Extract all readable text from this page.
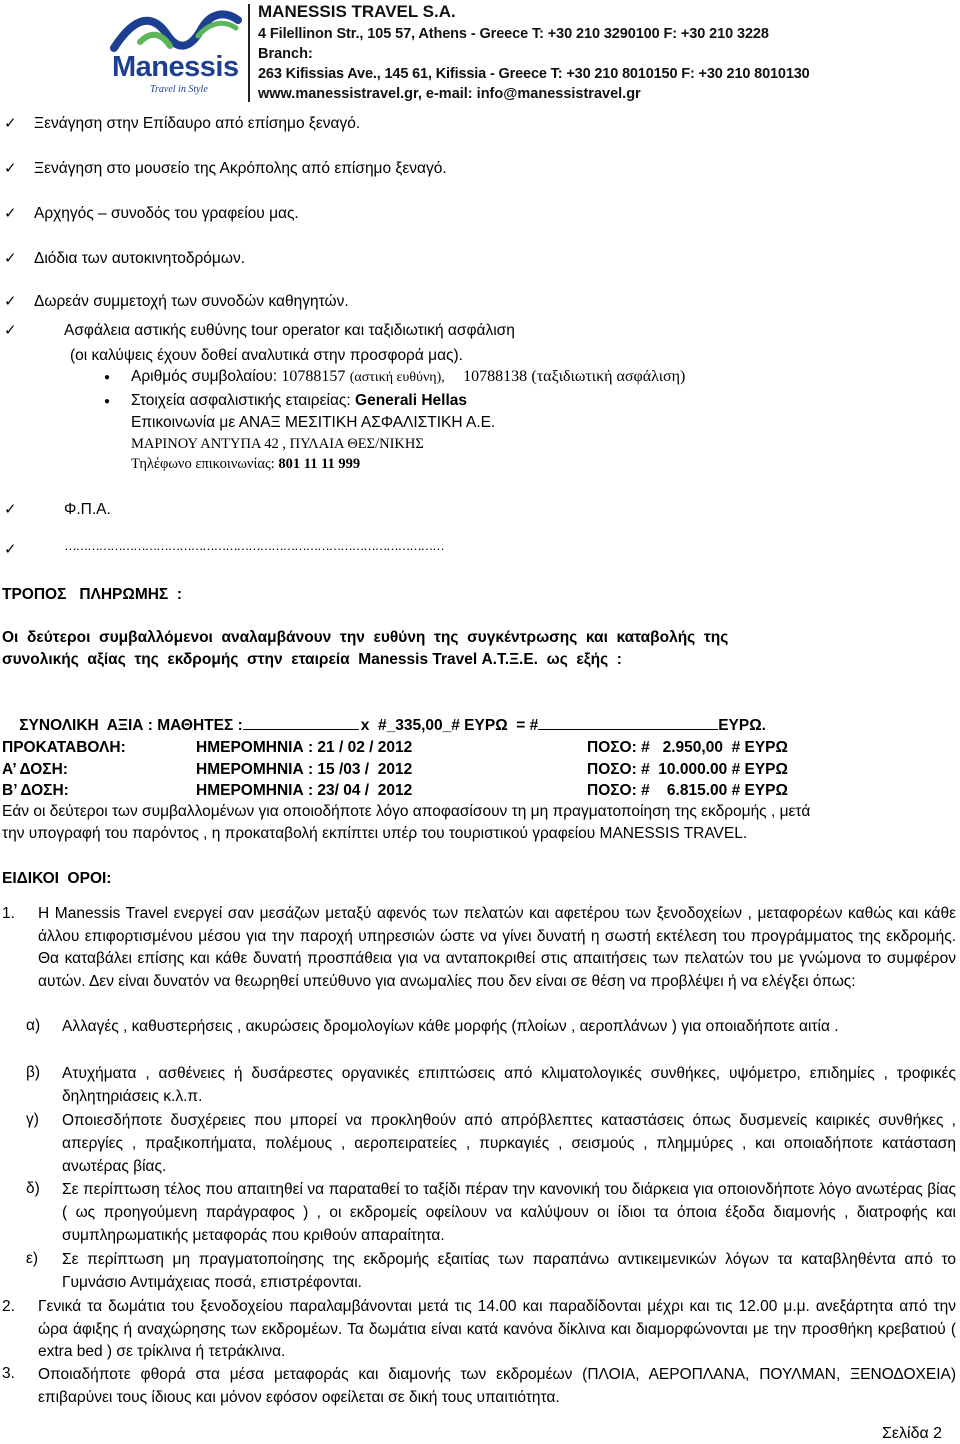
Manessis
Travel in Style
MANESSIS TRAVEL S.A.
4 Filellinon Str., 105 57, Athens - Greece T: +30 210 3290100 F: +30 210 3228
Branch:
263 Kifissias Ave., 145 61, Kifissia - Greece T: +30 210 8010150 F: +30 210 8010130
www.manessistravel.gr, e-mail: info@manessistravel.gr
✓ Ξενάγηση στην Επίδαυρο από επίσημο ξεναγό.
✓ Ξενάγηση στο μουσείο της Ακρόπολης από επίσημο ξεναγό.
✓ Αρχηγός – συνοδός του γραφείου μας.
✓ Διόδια των αυτοκινητοδρόμων.
✓ Δωρεάν συμμετοχή των συνοδών καθηγητών.
✓	Ασφάλεια αστικής ευθύνης tour operator και ταξιδιωτική ασφάλιση
(οι καλύψεις έχουν δοθεί αναλυτικά στην προσφορά μας).
● Αριθμός συμβολαίου: 10788157 (αστική ευθύνη), 10788138 (ταξιδιωτική ασφάλιση)
● Στοιχεία ασφαλιστικής εταιρείας: Generali Hellas
Επικοινωνία με ΑΝΑΞ ΜΕΣΙΤΙΚΗ ΑΣΦΑΛΙΣΤΙΚΗ Α.Ε.
ΜΑΡΙΝΟΥ ΑΝΤΥΠΑ 42 , ΠΥΛΑΙΑ ΘΕΣ/ΝΙΚΗΣ
Τηλέφωνο επικοινωνίας: 801 11 11 999
✓	Φ.Π.Α.
✓	………………………………………………………………………………………
ΤΡΟΠΟΣ   ΠΛΗΡΩΜΗΣ  :
Οι  δεύτεροι  συμβαλλόμενοι  αναλαμβάνουν  την  ευθύνη  της  συγκέντρωσης  και  καταβολής  της
συνολικής  αξίας  της  εκδρομής  στην  εταιρεία  Manessis Travel Α.Τ.Ξ.Ε.  ως  εξής  :

ΣΥΝΟΛΙΚΗ  ΑΞΙΑ : ΜΑΘΗΤΕΣ :	x  #_335,00_# ΕΥΡΩ  = #	ΕΥΡΩ.

ΠΡΟΚΑΤΑΒΟΛΗ:	ΗΜΕΡΟΜΗΝΙΑ : 21 / 02 / 2012	ΠΟΣΟ: #   2.950,00  # ΕΥΡΩ
Α’ ΔΟΣΗ:	ΗΜΕΡΟΜΗΝΙΑ : 15 /03 /  2012	ΠΟΣΟ: #  10.000.00 # ΕΥΡΩ
Β’ ΔΟΣΗ:	ΗΜΕΡΟΜΗΝΙΑ : 23/ 04 /  2012	ΠΟΣΟ: #    6.815.00 # ΕΥΡΩ
Εάν οι δεύτεροι των συμβαλλομένων για οποιοδήποτε λόγο αποφασίσουν τη μη πραγματοποίηση της εκδρομής , μετά
την υπογραφή του παρόντος , η προκαταβολή εκπίπτει υπέρ του τουριστικού γραφείου MANESSIS TRAVEL.
ΕΙΔΙΚΟΙ  ΟΡΟΙ:
1. Η Manessis Travel ενεργεί σαν μεσάζων μεταξύ αφενός των πελατών και αφετέρου των ξενοδοχείων , μεταφορέων καθώς και κάθε άλλου επιφορτισμένου μέσου για την παροχή υπηρεσιών ώστε να γίνει δυνατή η σωστή εκτέλεση του προγράμματος της εκδρομής. Θα καταβάλει επίσης και κάθε δυνατή προσπάθεια για να ανταποκριθεί στις απαιτήσεις των πελατών του με γνώμονα το συμφέρον αυτών. Δεν είναι δυνατόν να θεωρηθεί υπεύθυνο για ανωμαλίες που δεν είναι σε θέση να προβλέψει ή να ελέγξει όπως:
α) Αλλαγές , καθυστερήσεις , ακυρώσεις δρομολογίων κάθε μορφής (πλοίων , αεροπλάνων ) για οποιαδήποτε αιτία .
β) Ατυχήματα , ασθένειες ή δυσάρεστες οργανικές επιπτώσεις από κλιματολογικές συνθήκες, υψόμετρο, επιδημίες , τροφικές δηλητηριάσεις κ.λ.π.
γ) Οποιεσδήποτε δυσχέρειες που μπορεί να προκληθούν από απρόβλεπτες καταστάσεις όπως δυσμενείς καιρικές συνθήκες , απεργίες , πραξικοπήματα, πολέμους , αεροπειρατείες , πυρκαγιές , σεισμούς , πλημμύρες , και οποιαδήποτε κατάσταση ανωτέρας βίας.
δ) Σε περίπτωση τέλος που απαιτηθεί να παραταθεί το ταξίδι πέραν την κανονική του διάρκεια για οποιονδήποτε λόγο ανωτέρας βίας ( ως προηγούμενη παράγραφος ) , οι εκδρομείς οφείλουν να καλύψουν οι ίδιοι τα όποια έξοδα διαμονής , διατροφής και συμπληρωματικής μεταφοράς που κριθούν απαραίτητα.
ε) Σε περίπτωση μη πραγματοποίησης της εκδρομής εξαιτίας των παραπάνω αντικειμενικών λόγων τα καταβληθέντα από το Γυμνάσιο Αντιμάχειας ποσά, επιστρέφονται.
2. Γενικά τα δωμάτια του ξενοδοχείου παραλαμβάνονται μετά τις 14.00 και παραδίδονται μέχρι και τις 12.00 μ.μ. ανεξάρτητα από την ώρα άφιξης ή αναχώρησης των εκδρομέων. Τα δωμάτια είναι κατά κανόνα δίκλινα και διαμορφώνονται με την προσθήκη κρεβατιού ( extra bed ) σε τρίκλινα ή τετράκλινα.
3. Οποιαδήποτε φθορά στα μέσα μεταφοράς και διαμονής των εκδρομέων (ΠΛΟΙΑ, ΑΕΡΟΠΛΑΝΑ, ΠΟΥΛΜΑΝ, ΞΕΝΟΔΟΧΕΙΑ) επιβαρύνει τους ίδιους και μόνον εφόσον οφείλεται σε δική τους υπαιτιότητα.
Σελίδα 2
